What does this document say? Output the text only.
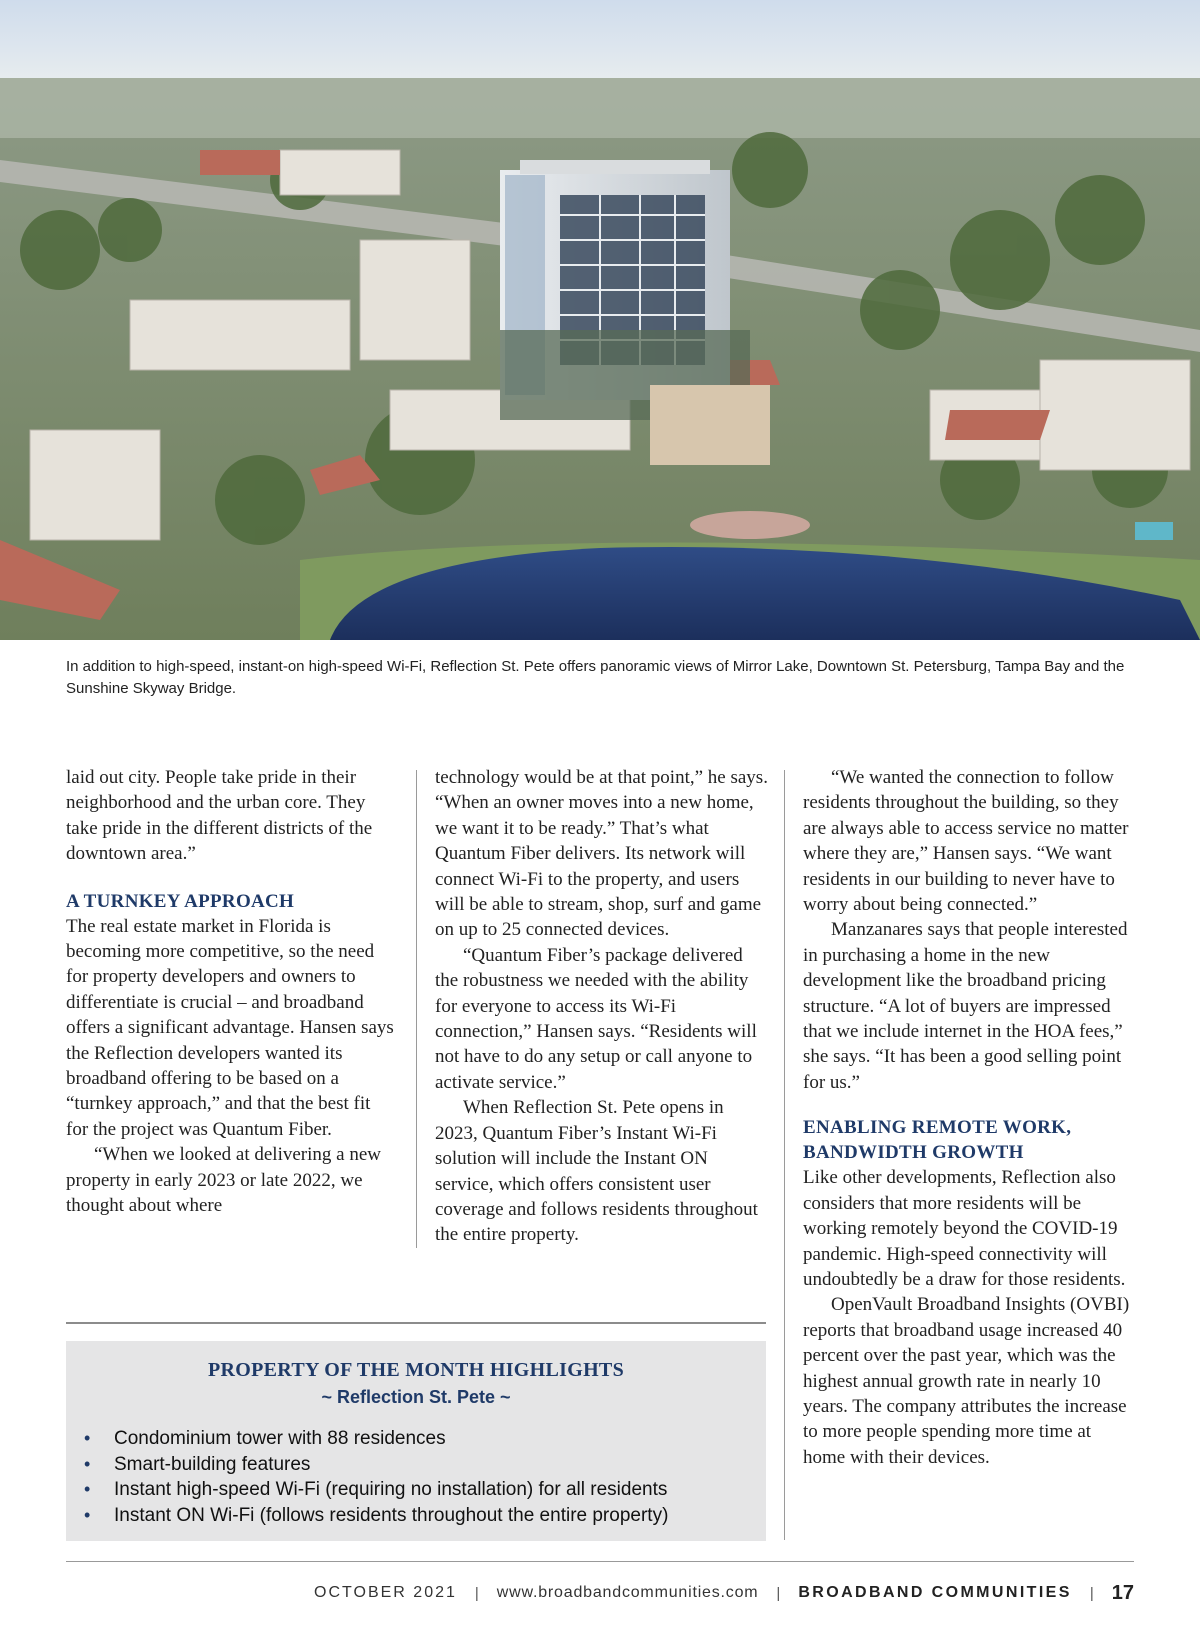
In addition to high-speed, instant-on high-speed Wi-Fi, Reflection St. Pete offers panoramic views of Mirror Lake, Downtown St. Petersburg, Tampa Bay and the Sunshine Skyway Bridge.

laid out city. People take pride in their neighborhood and the urban core. They take pride in the different districts of the downtown area.”

A TURNKEY APPROACH

The real estate market in Florida is becoming more competitive, so the need for property developers and owners to differentiate is crucial – and broadband offers a significant advantage. Hansen says the Reflection developers wanted its broadband offering to be based on a “turnkey approach,” and that the best fit for the project was Quantum Fiber.

“When we looked at delivering a new property in early 2023 or late 2022, we thought about where

technology would be at that point,” he says. “When an owner moves into a new home, we want it to be ready.” That’s what Quantum Fiber delivers. Its network will connect Wi-Fi to the property, and users will be able to stream, shop, surf and game on up to 25 connected devices.

“Quantum Fiber’s package delivered the robustness we needed with the ability for everyone to access its Wi-Fi connection,” Hansen says. “Residents will not have to do any setup or call anyone to activate service.”

When Reflection St. Pete opens in 2023, Quantum Fiber’s Instant Wi-Fi solution will include the Instant ON service, which offers consistent user coverage and follows residents throughout the entire property.

“We wanted the connection to follow residents throughout the building, so they are always able to access service no matter where they are,” Hansen says. “We want residents in our building to never have to worry about being connected.”

Manzanares says that people interested in purchasing a home in the new development like the broadband pricing structure. “A lot of buyers are impressed that we include internet in the HOA fees,” she says. “It has been a good selling point for us.”

ENABLING REMOTE WORK, BANDWIDTH GROWTH

Like other developments, Reflection also considers that more residents will be working remotely beyond the COVID-19 pandemic. High-speed connectivity will undoubtedly be a draw for those residents.

OpenVault Broadband Insights (OVBI) reports that broadband usage increased 40 percent over the past year, which was the highest annual growth rate in nearly 10 years. The company attributes the increase to more people spending more time at home with their devices.

PROPERTY OF THE MONTH HIGHLIGHTS
~ Reflection St. Pete ~
• Condominium tower with 88 residences
• Smart-building features
• Instant high-speed Wi-Fi (requiring no installation) for all residents
• Instant ON Wi-Fi (follows residents throughout the entire property)
OCTOBER 2021 | www.broadbandcommunities.com | BROADBAND COMMUNITIES | 17
